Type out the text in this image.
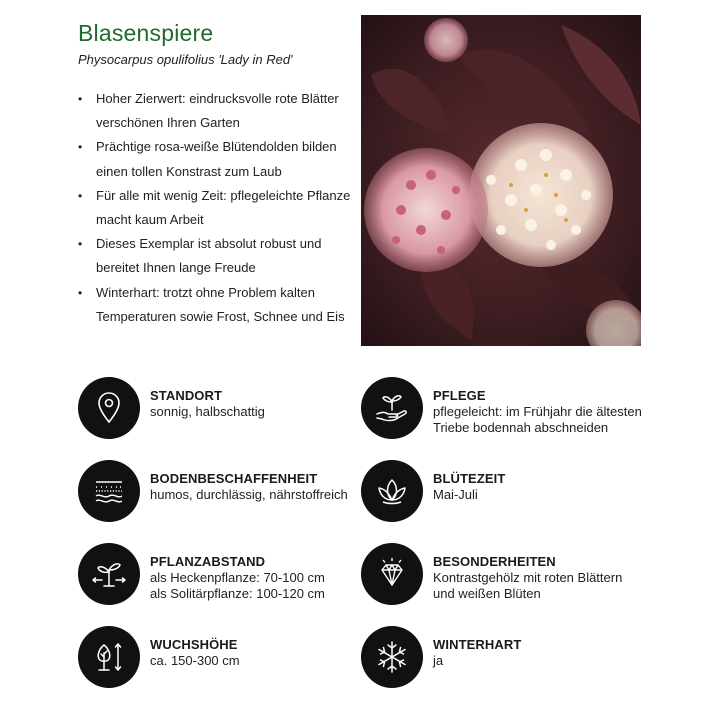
Blasenspiere

Physocarpus opulifolius 'Lady in Red'

• Hoher Zierwert: eindrucksvolle rote Blätter verschönen Ihren Garten
• Prächtige rosa-weiße Blütendolden bilden einen tollen Konstrast zum Laub
• Für alle mit wenig Zeit: pflegeleichte Pflanze macht kaum Arbeit
• Dieses Exemplar ist absolut robust und bereitet Ihnen lange Freude
• Winterhart: trotzt ohne Problem kalten Temperaturen sowie Frost, Schnee und Eis
STANDORT
sonnig, halbschattig
PFLEGE
pflegeleicht: im Frühjahr die ältesten
Triebe bodennah abschneiden
BODENBESCHAFFENHEIT
humos, durchlässig, nährstoffreich
BLÜTEZEIT
Mai-Juli
PFLANZABSTAND
als Heckenpflanze: 70-100 cm
als Solitärpflanze: 100-120 cm
BESONDERHEITEN
Kontrastgehölz mit roten Blättern
und weißen Blüten
WUCHSHÖHE
ca. 150-300 cm
WINTERHART
ja
